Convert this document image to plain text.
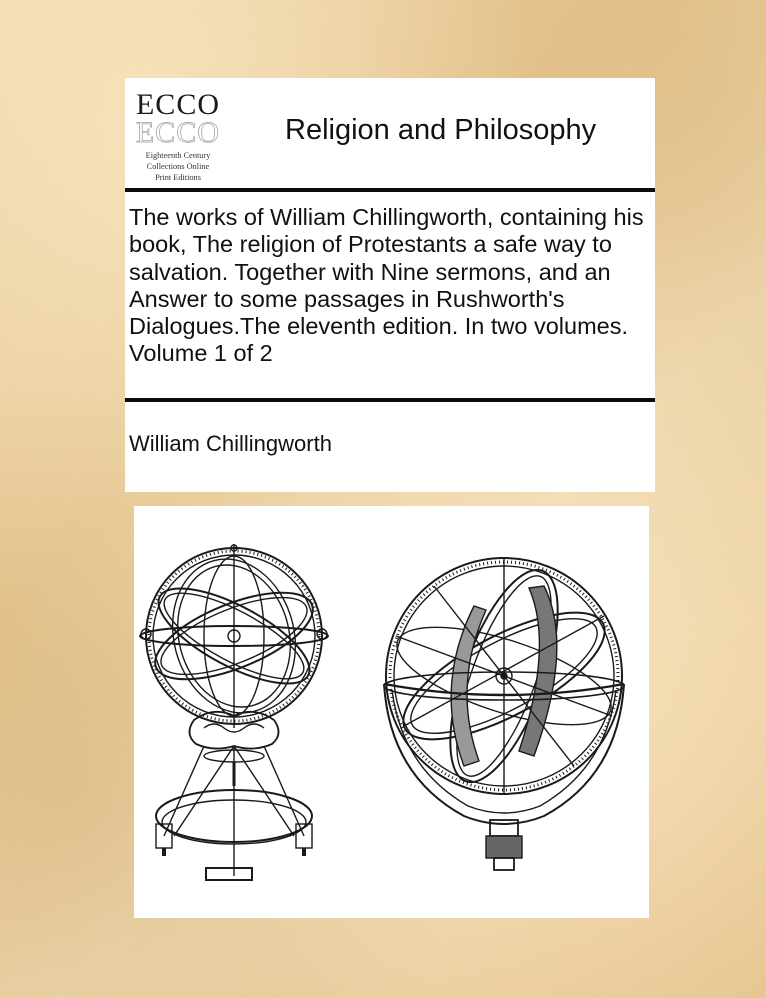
ECCO
ECCO
Eighteenth Century
Collections Online
Print Editions
Religion and Philosophy
The works of William Chillingworth, containing his book, The religion of Protestants a safe way to salvation. Together with Nine sermons, and an Answer to some passages in Rushworth's Dialogues.The eleventh edition. In two volumes. Volume 1 of 2
William Chillingworth
